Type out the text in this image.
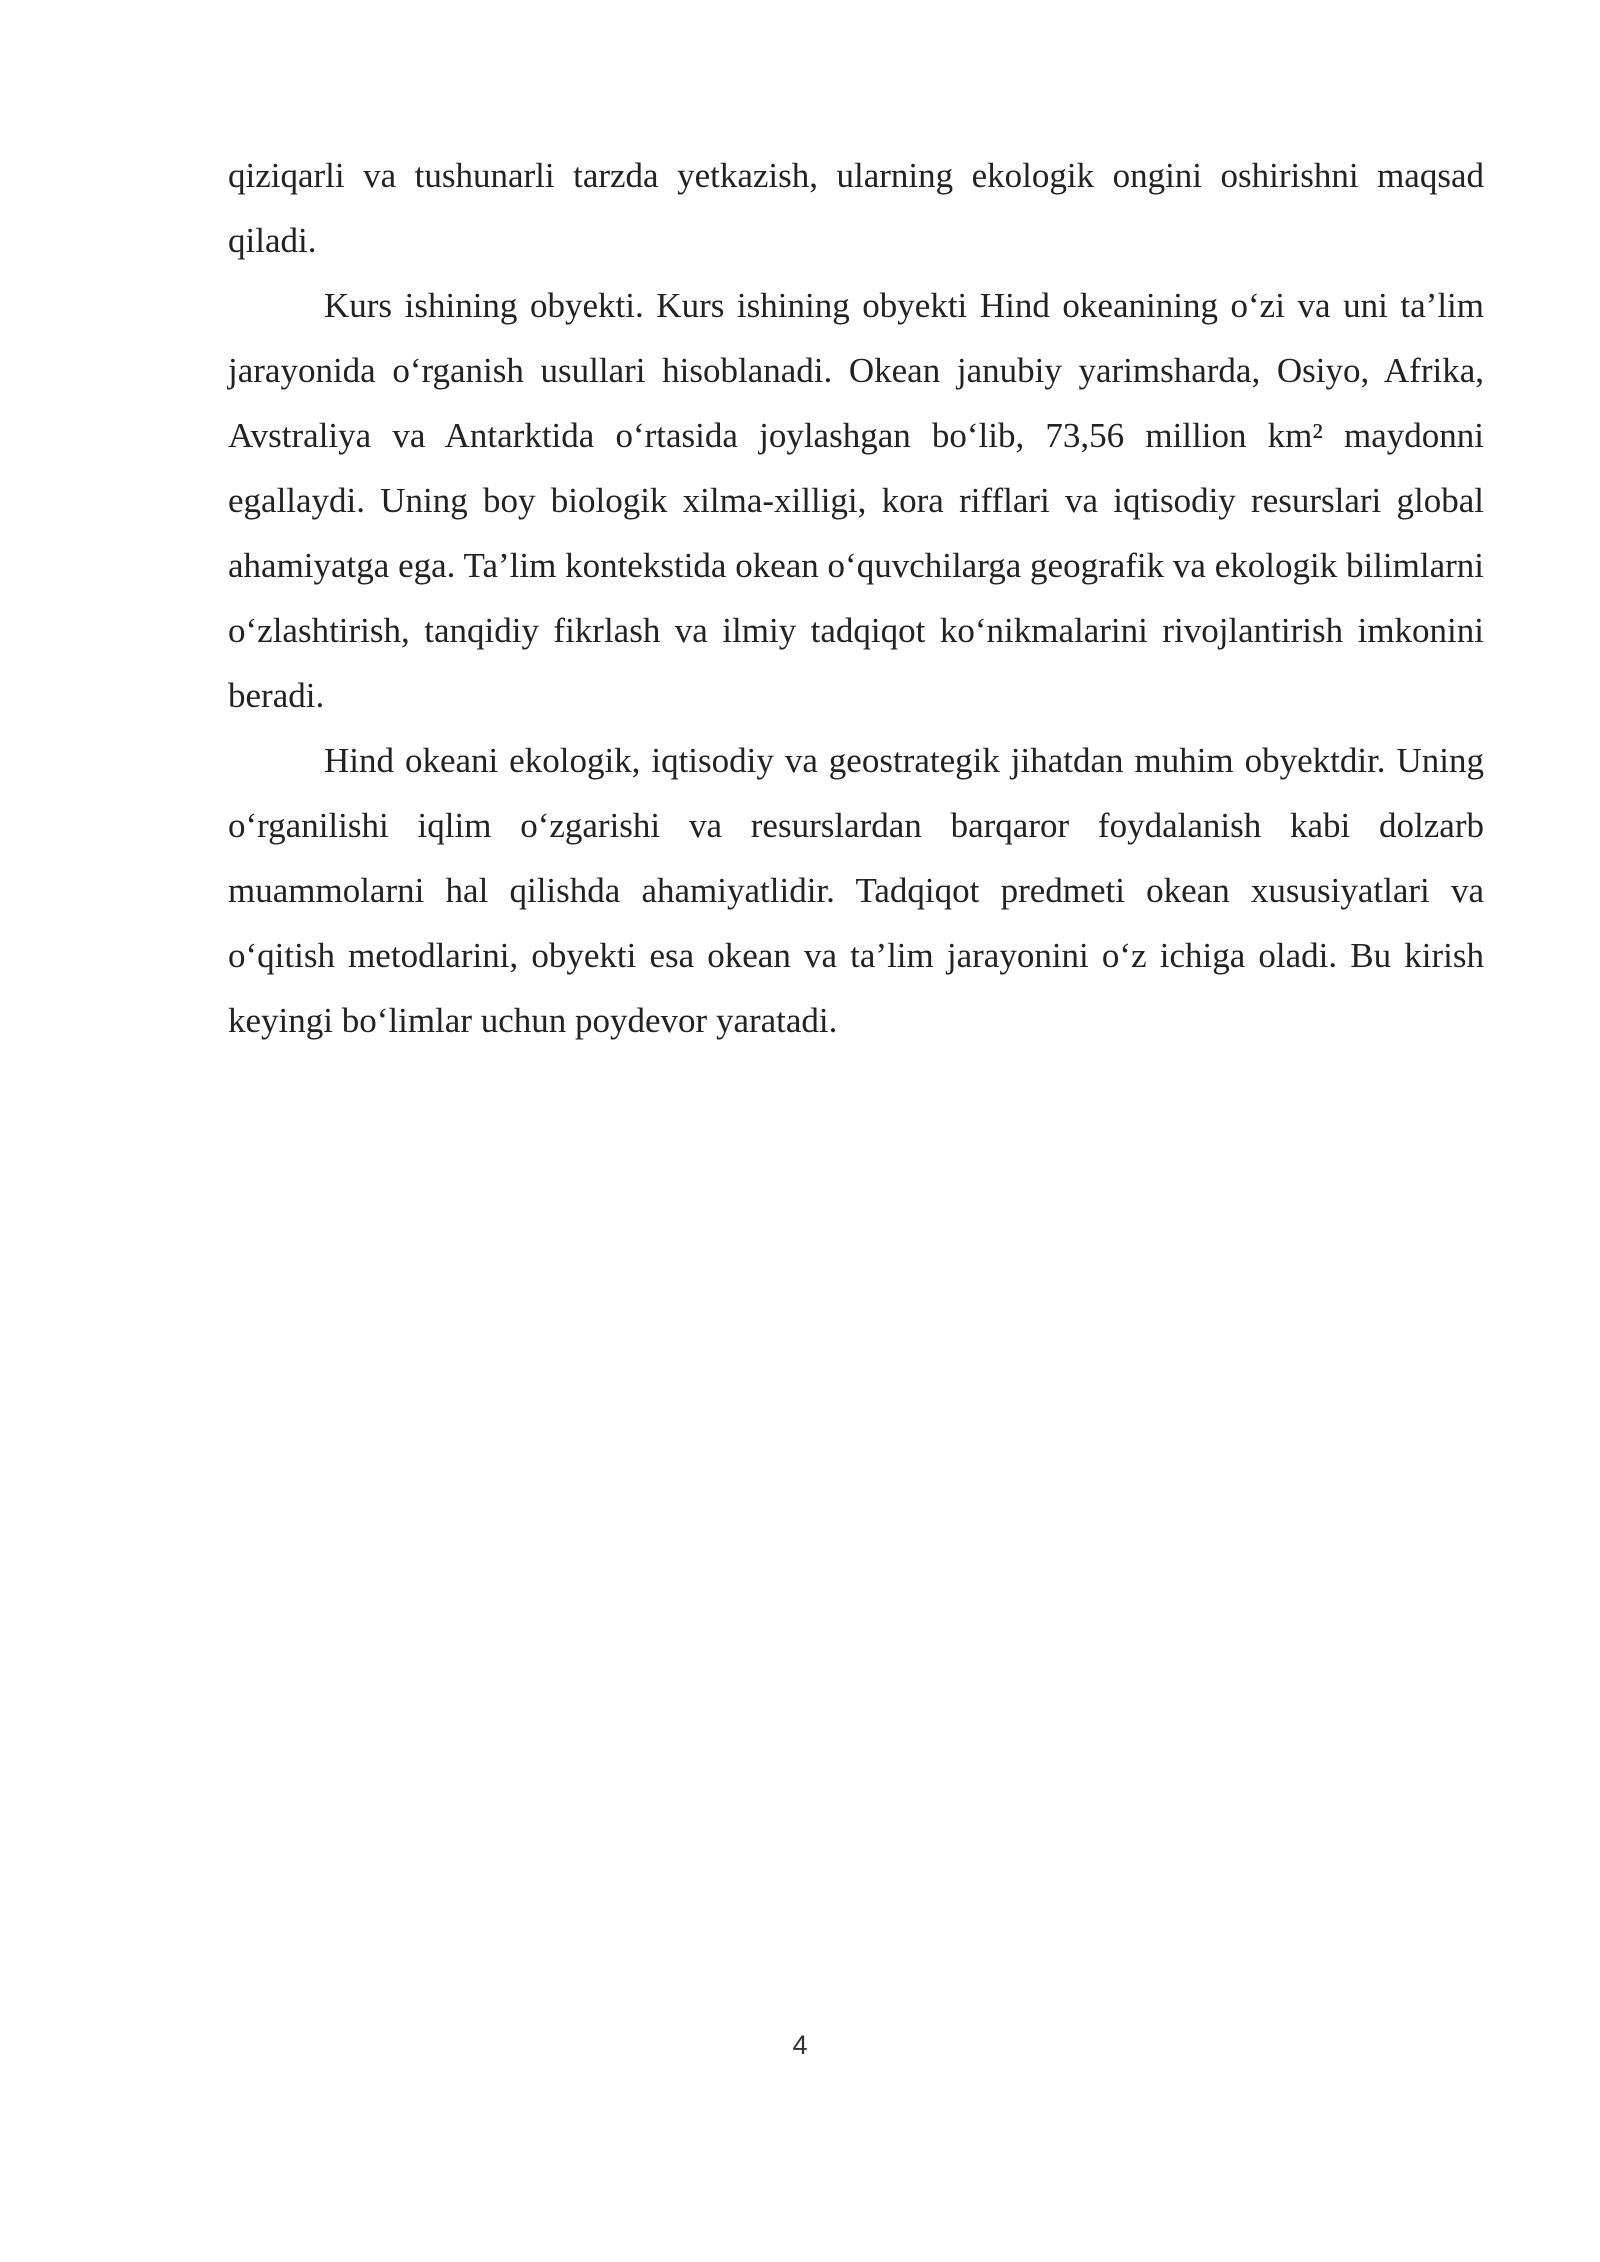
qiziqarli va tushunarli tarzda yetkazish, ularning ekologik ongini oshirishni maqsad qiladi.

Kurs ishining obyekti. Kurs ishining obyekti Hind okeanining o‘zi va uni ta’lim jarayonida o‘rganish usullari hisoblanadi. Okean janubiy yarimsharda, Osiyo, Afrika, Avstraliya va Antarktida o‘rtasida joylashgan bo‘lib, 73,56 million km² maydonni egallaydi. Uning boy biologik xilma-xilligi, kora rifflari va iqtisodiy resurslari global ahamiyatga ega. Ta’lim kontekstida okean o‘quvchilarga geografik va ekologik bilimlarni o‘zlashtirish, tanqidiy fikrlash va ilmiy tadqiqot ko‘nikmalarini rivojlantirish imkonini beradi.

Hind okeani ekologik, iqtisodiy va geostrategik jihatdan muhim obyektdir. Uning o‘rganilishi iqlim o‘zgarishi va resurslardan barqaror foydalanish kabi dolzarb muammolarni hal qilishda ahamiyatlidir. Tadqiqot predmeti okean xususiyatlari va o‘qitish metodlarini, obyekti esa okean va ta’lim jarayonini o‘z ichiga oladi. Bu kirish keyingi bo‘limlar uchun poydevor yaratadi.

4
